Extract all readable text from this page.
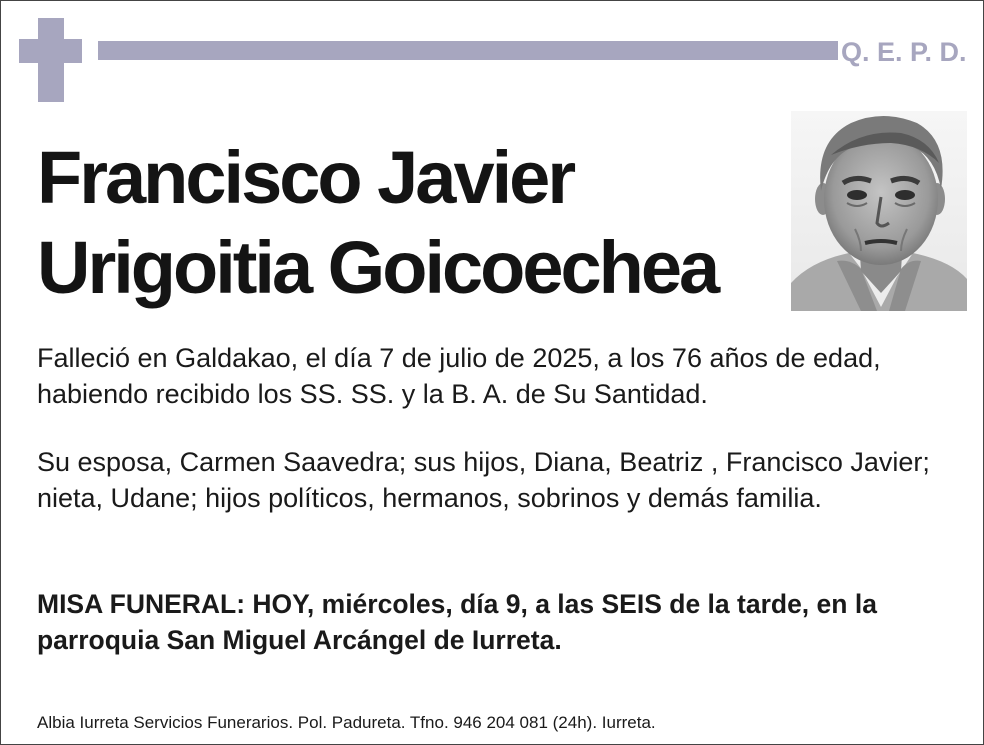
Q. E. P. D.
Francisco Javier
Urigoitia Goicoechea

Falleció en Galdakao, el día 7 de julio de 2025, a los 76 años de edad, habiendo recibido los SS. SS. y la B. A. de Su Santidad.

Su esposa, Carmen Saavedra; sus hijos, Diana, Beatriz , Francisco Javier; nieta, Udane; hijos políticos, hermanos, sobrinos y demás familia.

MISA FUNERAL: HOY, miércoles, día 9, a las SEIS de la tarde, en la parroquia San Miguel Arcángel de Iurreta.

Albia Iurreta Servicios Funerarios. Pol. Padureta. Tfno. 946 204 081 (24h). Iurreta.
